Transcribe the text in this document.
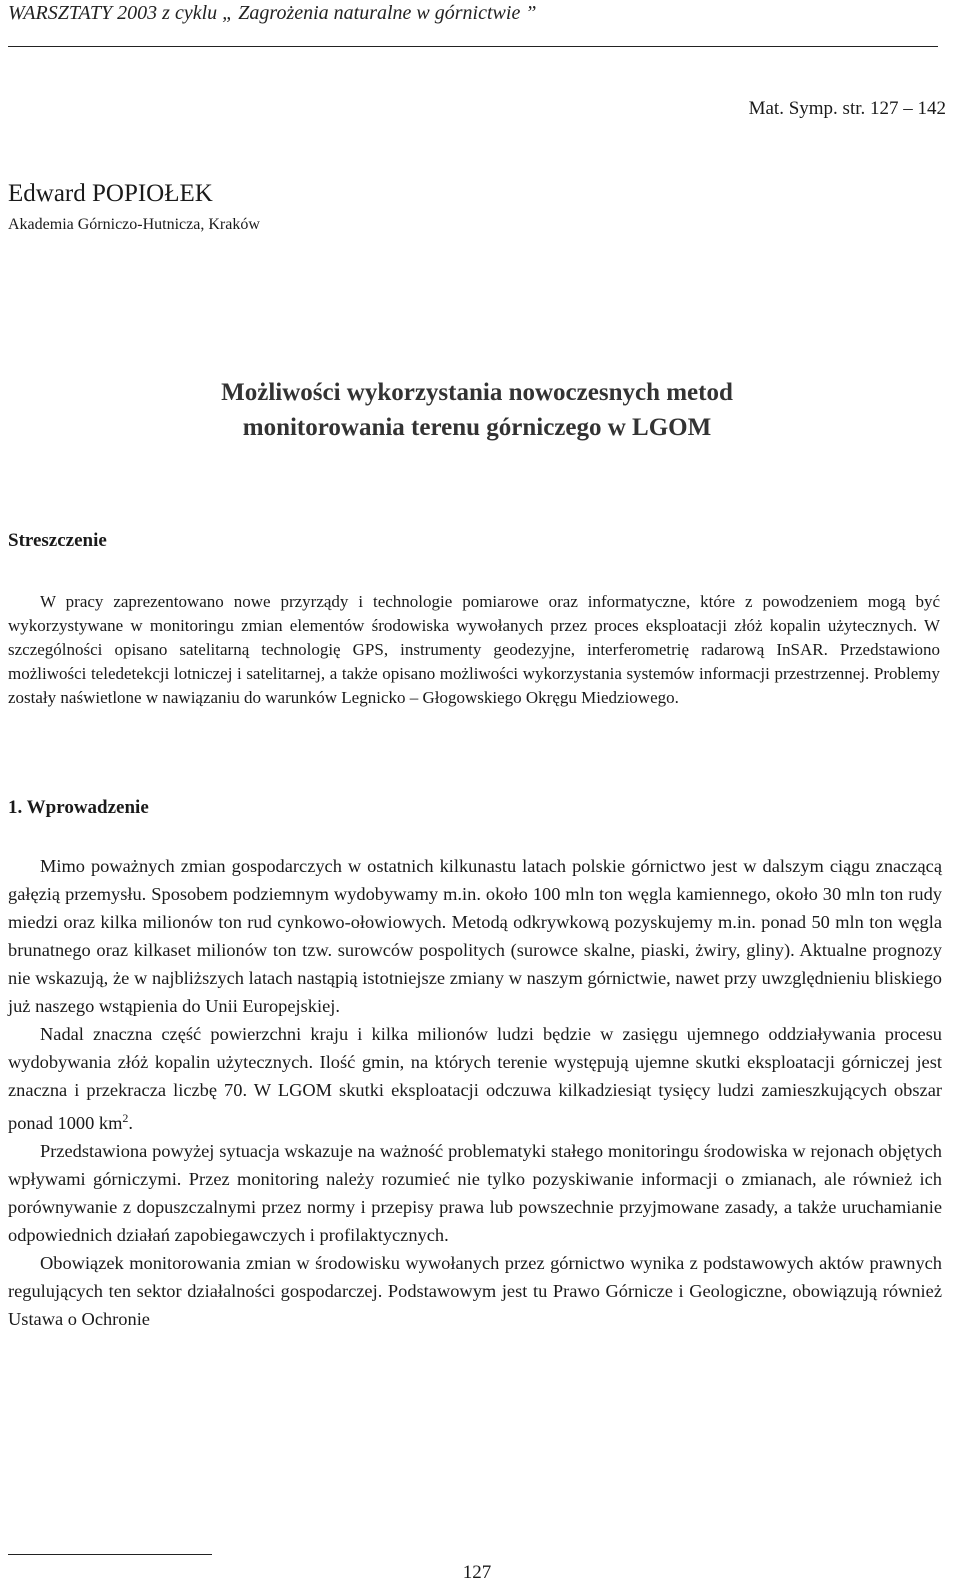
WARSZTATY 2003 z cyklu „ Zagrożenia naturalne w górnictwie ”
Mat. Symp. str. 127 – 142
Edward POPIOŁEK
Akademia Górniczo-Hutnicza, Kraków
Możliwości wykorzystania nowoczesnych metod
monitorowania terenu górniczego w LGOM
Streszczenie

W pracy zaprezentowano nowe przyrządy i technologie pomiarowe oraz informatyczne, które z powodzeniem mogą być wykorzystywane w monitoringu zmian elementów środowiska wywołanych przez proces eksploatacji złóż kopalin użytecznych. W szczególności opisano satelitarną technologię GPS, instrumenty geodezyjne, interferometrię radarową InSAR. Przedstawiono możliwości teledetekcji lotniczej i satelitarnej, a także opisano możliwości wykorzystania systemów informacji przestrzennej. Problemy zostały naświetlone w nawiązaniu do warunków Legnicko – Głogowskiego Okręgu Miedziowego.

1. Wprowadzenie

Mimo poważnych zmian gospodarczych w ostatnich kilkunastu latach polskie górnictwo jest w dalszym ciągu znaczącą gałęzią przemysłu. Sposobem podziemnym wydobywamy m.in. około 100 mln ton węgla kamiennego, około 30 mln ton rudy miedzi oraz kilka milionów ton rud cynkowo-ołowiowych. Metodą odkrywkową pozyskujemy m.in. ponad 50 mln ton węgla brunatnego oraz kilkaset milionów ton tzw. surowców pospolitych (surowce skalne, piaski, żwiry, gliny). Aktualne prognozy nie wskazują, że w najbliższych latach nastąpią istotniejsze zmiany w naszym górnictwie, nawet przy uwzględnieniu bliskiego już naszego wstąpienia do Unii Europejskiej.

Nadal znaczna część powierzchni kraju i kilka milionów ludzi będzie w zasięgu ujemnego oddziaływania procesu wydobywania złóż kopalin użytecznych. Ilość gmin, na których terenie występują ujemne skutki eksploatacji górniczej jest znaczna i przekracza liczbę 70. W LGOM skutki eksploatacji odczuwa kilkadziesiąt tysięcy ludzi zamieszkujących obszar ponad 1000 $km^2$.

Przedstawiona powyżej sytuacja wskazuje na ważność problematyki stałego monitoringu środowiska w rejonach objętych wpływami górniczymi. Przez monitoring należy rozumieć nie tylko pozyskiwanie informacji o zmianach, ale również ich porównywanie z dopuszczalnymi przez normy i przepisy prawa lub powszechnie przyjmowane zasady, a także uruchamianie odpowiednich działań zapobiegawczych i profilaktycznych.

Obowiązek monitorowania zmian w środowisku wywołanych przez górnictwo wynika z podstawowych aktów prawnych regulujących ten sektor działalności gospodarczej. Podstawowym jest tu Prawo Górnicze i Geologiczne, obowiązują również Ustawa o Ochronie

127
